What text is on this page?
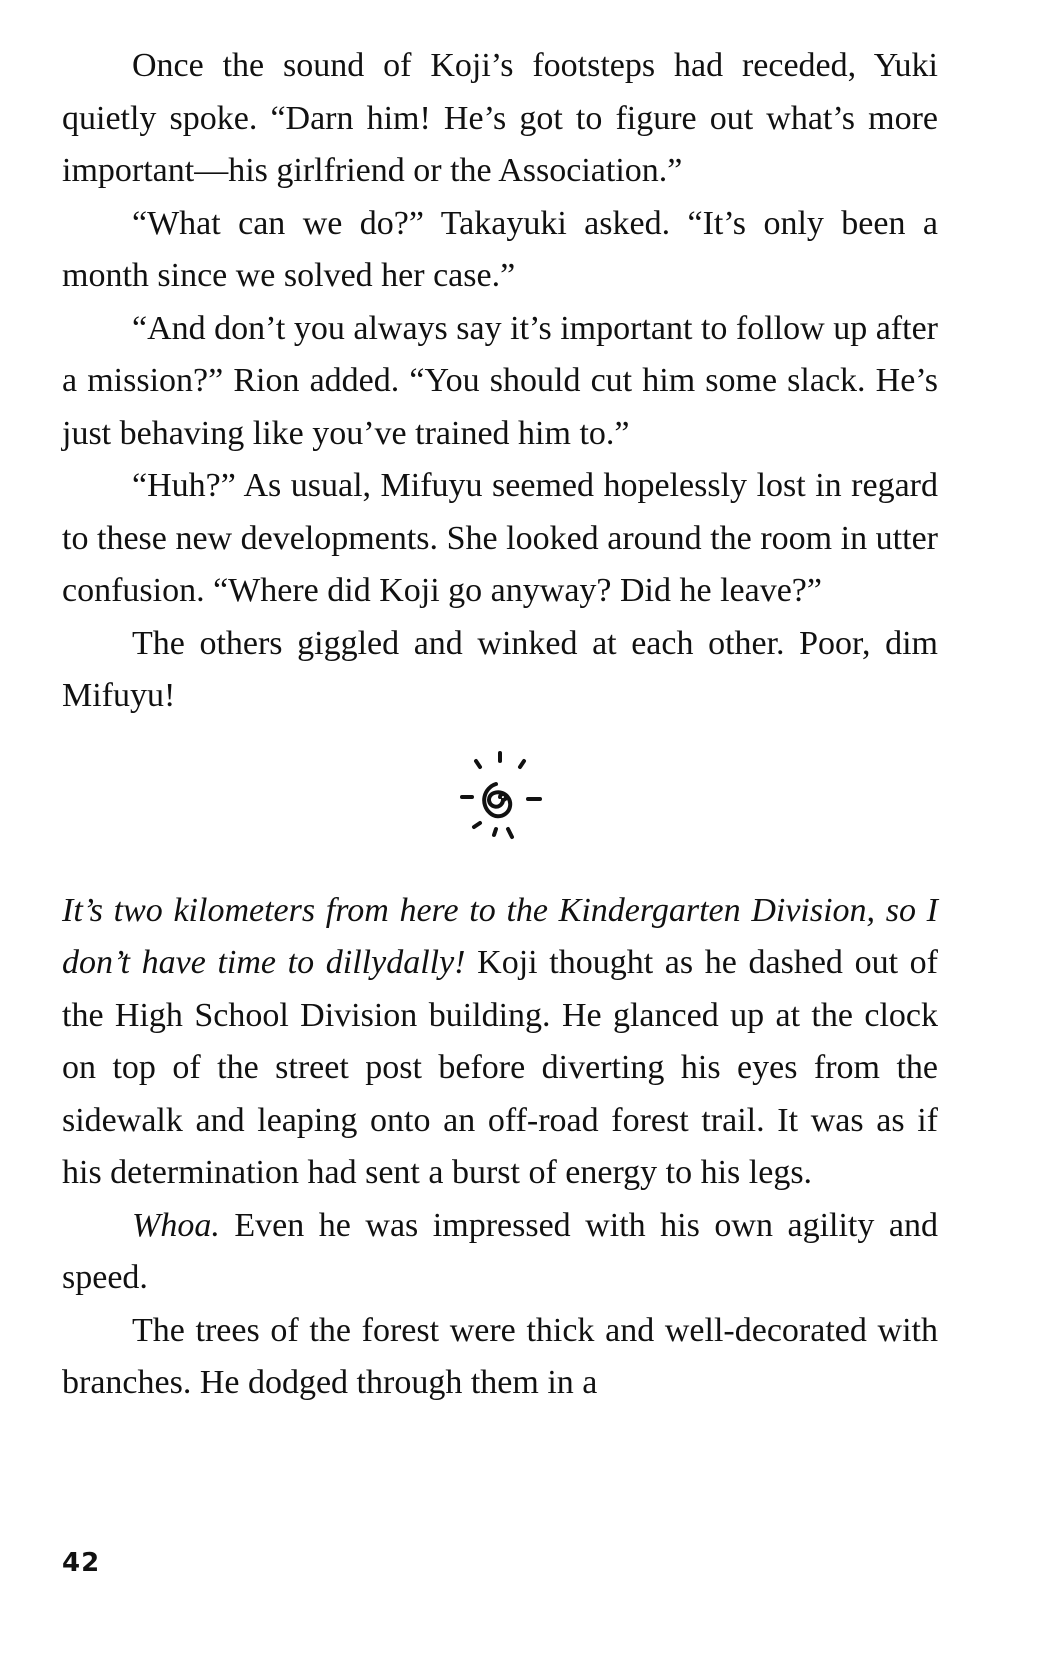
Once the sound of Koji’s footsteps had receded, Yuki quietly spoke. “Darn him! He’s got to figure out what’s more important—his girlfriend or the Association.”

“What can we do?” Takayuki asked. “It’s only been a month since we solved her case.”

“And don’t you always say it’s important to follow up after a mission?” Rion added. “You should cut him some slack. He’s just behaving like you’ve trained him to.”

“Huh?” As usual, Mifuyu seemed hopelessly lost in regard to these new developments. She looked around the room in utter confusion. “Where did Koji go anyway? Did he leave?”

The others giggled and winked at each other. Poor, dim Mifuyu!

It’s two kilometers from here to the Kindergarten Division, so I don’t have time to dillydally! Koji thought as he dashed out of the High School Division building. He glanced up at the clock on top of the street post before diverting his eyes from the sidewalk and leaping onto an off-road forest trail. It was as if his determination had sent a burst of energy to his legs.

Whoa. Even he was impressed with his own agility and speed.

The trees of the forest were thick and well-decorated with branches. He dodged through them in a

42
